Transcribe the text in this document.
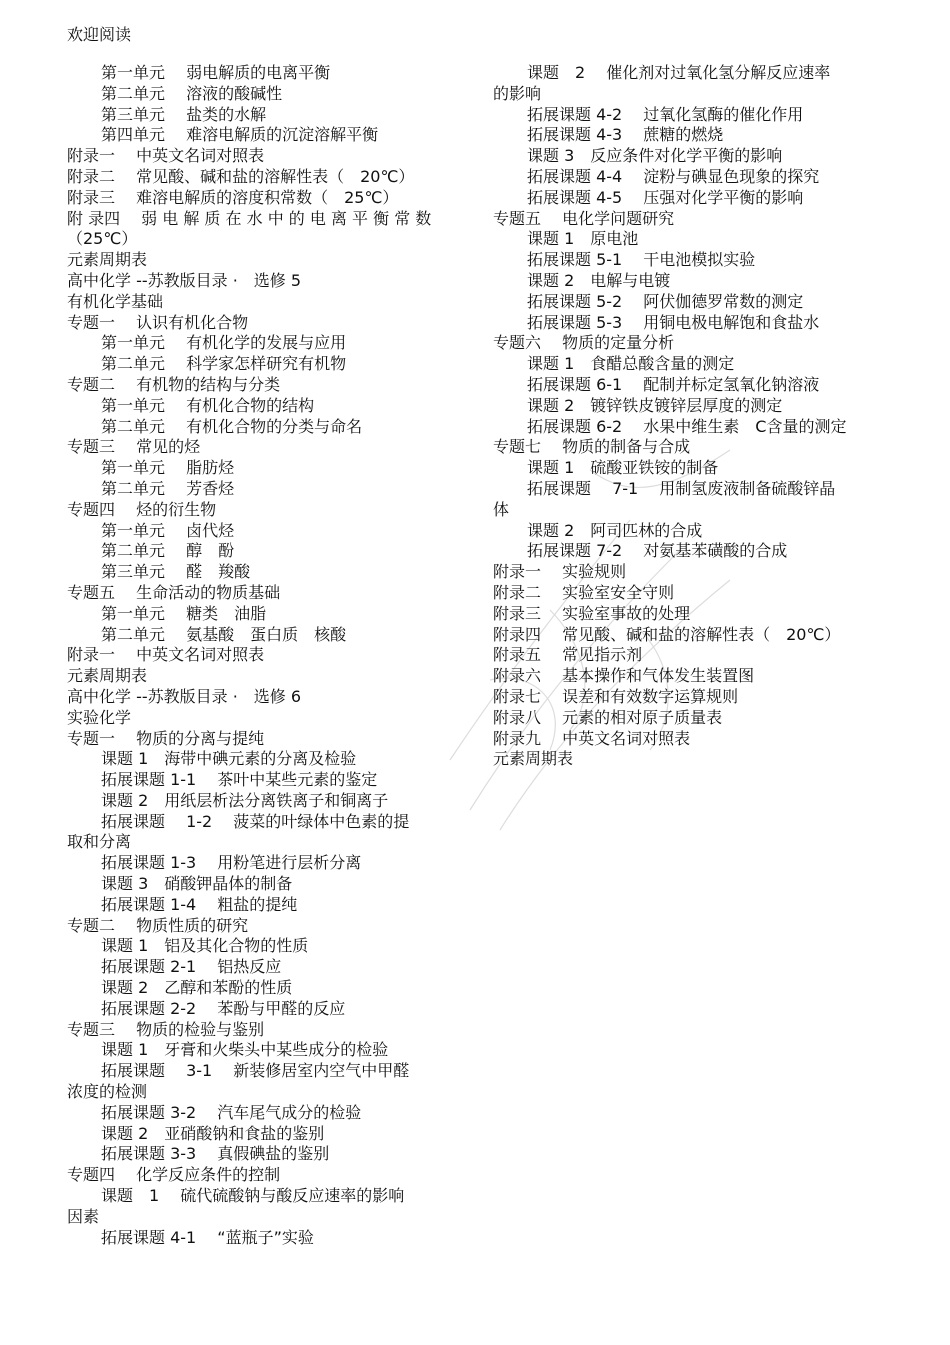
欢迎阅读
第一单元　 弱电解质的电离平衡
第二单元　 溶液的酸碱性
第三单元　 盐类的水解
第四单元　 难溶电解质的沉淀溶解平衡
附录一　 中英文名词对照表
附录二　 常见酸、碱和盐的溶解性表（　20℃）
附录三　 难溶电解质的溶度积常数（　25℃）
附 录四　 弱 电 解 质 在 水 中 的 电 离 平 衡 常 数
（25℃）
元素周期表
高中化学 --苏教版目录 ·　选修 5
有机化学基础
专题一　 认识有机化合物
第一单元　 有机化学的发展与应用
第二单元　 科学家怎样研究有机物
专题二　 有机物的结构与分类
第一单元　 有机化合物的结构
第二单元　 有机化合物的分类与命名
专题三　 常见的烃
第一单元　 脂肪烃
第二单元　 芳香烃
专题四　 烃的衍生物
第一单元　 卤代烃
第二单元　 醇　酚
第三单元　 醛　羧酸
专题五　 生命活动的物质基础
第一单元　 糖类　油脂
第二单元　 氨基酸　蛋白质　核酸
附录一　 中英文名词对照表
元素周期表
高中化学 --苏教版目录 ·　选修 6
实验化学
专题一　 物质的分离与提纯
课题 1　海带中碘元素的分离及检验
拓展课题 1-1　 茶叶中某些元素的鉴定
课题 2　用纸层析法分离铁离子和铜离子
拓展课题　 1-2　 菠菜的叶绿体中色素的提
取和分离
拓展课题 1-3　 用粉笔进行层析分离
课题 3　硝酸钾晶体的制备
拓展课题 1-4　 粗盐的提纯
专题二　 物质性质的研究
课题 1　铝及其化合物的性质
拓展课题 2-1　 铝热反应
课题 2　乙醇和苯酚的性质
拓展课题 2-2　 苯酚与甲醛的反应
专题三　 物质的检验与鉴别
课题 1　牙膏和火柴头中某些成分的检验
拓展课题　 3-1　 新装修居室内空气中甲醛
浓度的检测
拓展课题 3-2　 汽车尾气成分的检验
课题 2　亚硝酸钠和食盐的鉴别
拓展课题 3-3　 真假碘盐的鉴别
专题四　 化学反应条件的控制
课题　1　 硫代硫酸钠与酸反应速率的影响
因素
拓展课题 4-1　 “蓝瓶子”实验
课题　2　 催化剂对过氧化氢分解反应速率
的影响
拓展课题 4-2　 过氧化氢酶的催化作用
拓展课题 4-3　 蔗糖的燃烧
课题 3　反应条件对化学平衡的影响
拓展课题 4-4　 淀粉与碘显色现象的探究
拓展课题 4-5　 压强对化学平衡的影响
专题五　 电化学问题研究
课题 1　原电池
拓展课题 5-1　 干电池模拟实验
课题 2　电解与电镀
拓展课题 5-2　 阿伏伽德罗常数的测定
拓展课题 5-3　 用铜电极电解饱和食盐水
专题六　 物质的定量分析
课题 1　食醋总酸含量的测定
拓展课题 6-1　 配制并标定氢氧化钠溶液
课题 2　镀锌铁皮镀锌层厚度的测定
拓展课题 6-2　 水果中维生素　C含量的测定
专题七　 物质的制备与合成
课题 1　硫酸亚铁铵的制备
拓展课题　 7-1　 用制氢废液制备硫酸锌晶
体
课题 2　阿司匹林的合成
拓展课题 7-2　 对氨基苯磺酸的合成
附录一　 实验规则
附录二　 实验室安全守则
附录三　 实验室事故的处理
附录四　 常见酸、碱和盐的溶解性表（　20℃）
附录五　 常见指示剂
附录六　 基本操作和气体发生装置图
附录七　 误差和有效数字运算规则
附录八　 元素的相对原子质量表
附录九　 中英文名词对照表
元素周期表
